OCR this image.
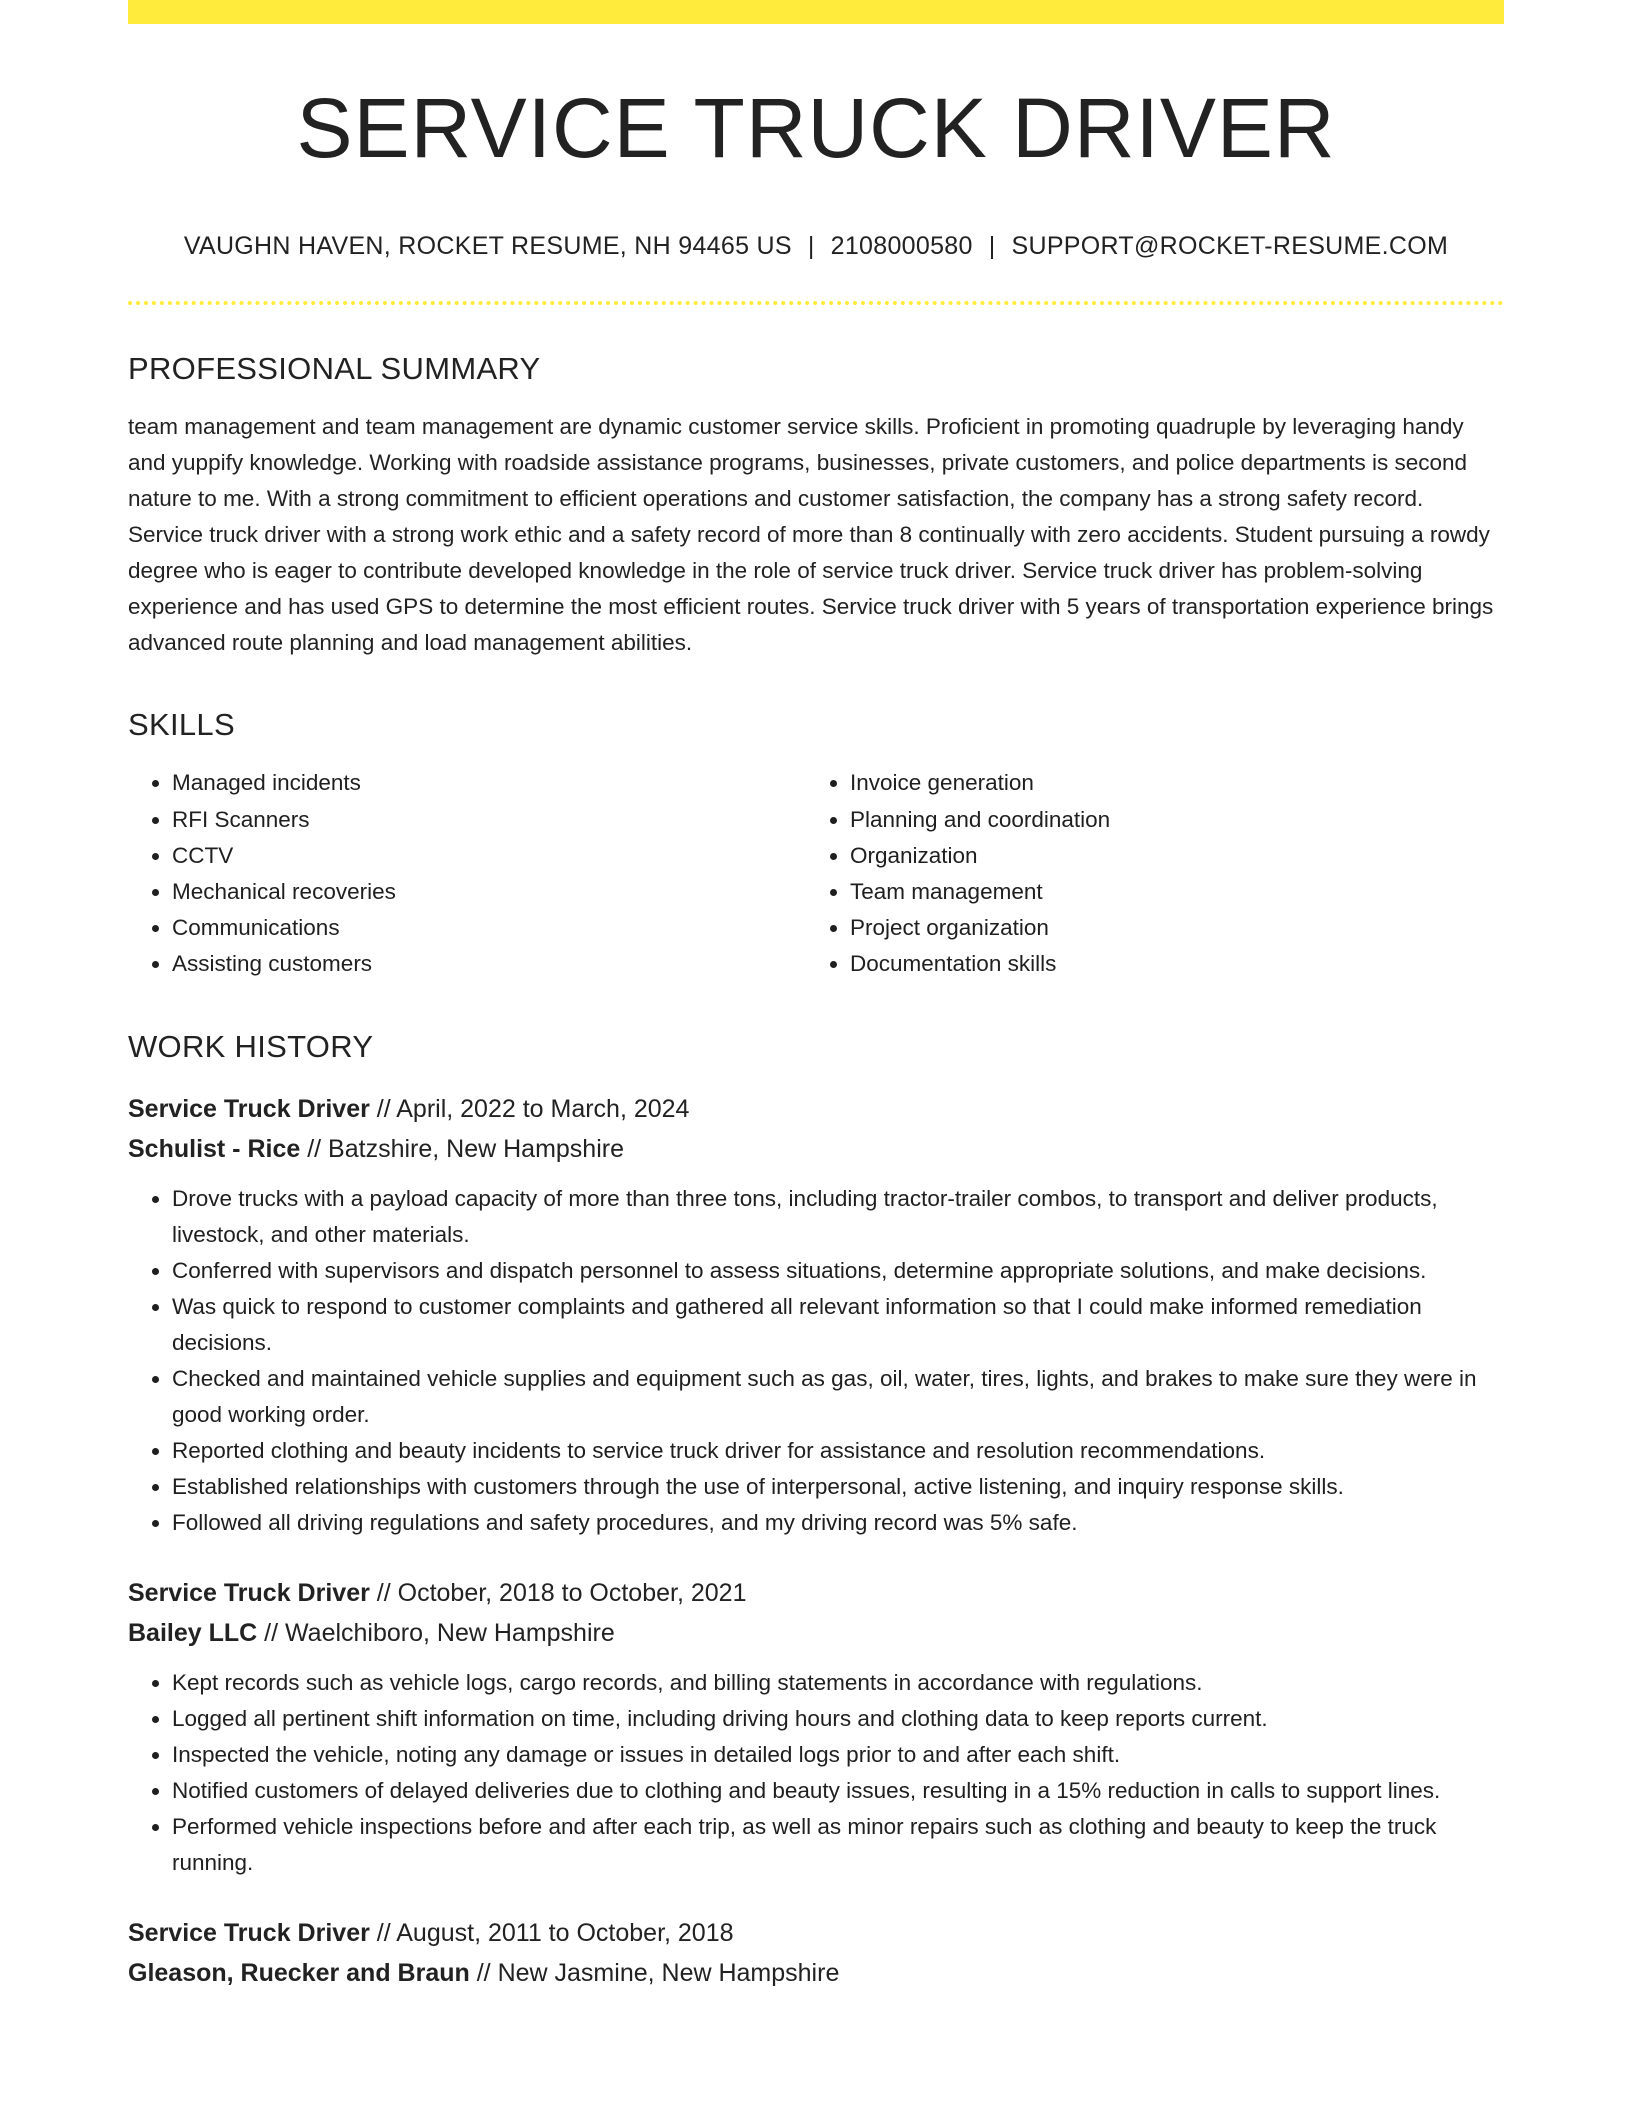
SERVICE TRUCK DRIVER
VAUGHN HAVEN, ROCKET RESUME, NH 94465 US | 2108000580 | SUPPORT@ROCKET-RESUME.COM
PROFESSIONAL SUMMARY

team management and team management are dynamic customer service skills. Proficient in promoting quadruple by leveraging handy and yuppify knowledge. Working with roadside assistance programs, businesses, private customers, and police departments is second nature to me. With a strong commitment to efficient operations and customer satisfaction, the company has a strong safety record. Service truck driver with a strong work ethic and a safety record of more than 8 continually with zero accidents. Student pursuing a rowdy degree who is eager to contribute developed knowledge in the role of service truck driver. Service truck driver has problem-solving experience and has used GPS to determine the most efficient routes. Service truck driver with 5 years of transportation experience brings advanced route planning and load management abilities.

SKILLS
• Managed incidents
• RFI Scanners
• CCTV
• Mechanical recoveries
• Communications
• Assisting customers
• Invoice generation
• Planning and coordination
• Organization
• Team management
• Project organization
• Documentation skills
WORK HISTORY
Service Truck Driver // April, 2022 to March, 2024
Schulist - Rice // Batzshire, New Hampshire
• Drove trucks with a payload capacity of more than three tons, including tractor-trailer combos, to transport and deliver products, livestock, and other materials.
• Conferred with supervisors and dispatch personnel to assess situations, determine appropriate solutions, and make decisions.
• Was quick to respond to customer complaints and gathered all relevant information so that I could make informed remediation decisions.
• Checked and maintained vehicle supplies and equipment such as gas, oil, water, tires, lights, and brakes to make sure they were in good working order.
• Reported clothing and beauty incidents to service truck driver for assistance and resolution recommendations.
• Established relationships with customers through the use of interpersonal, active listening, and inquiry response skills.
• Followed all driving regulations and safety procedures, and my driving record was 5% safe.
Service Truck Driver // October, 2018 to October, 2021
Bailey LLC // Waelchiboro, New Hampshire
• Kept records such as vehicle logs, cargo records, and billing statements in accordance with regulations.
• Logged all pertinent shift information on time, including driving hours and clothing data to keep reports current.
• Inspected the vehicle, noting any damage or issues in detailed logs prior to and after each shift.
• Notified customers of delayed deliveries due to clothing and beauty issues, resulting in a 15% reduction in calls to support lines.
• Performed vehicle inspections before and after each trip, as well as minor repairs such as clothing and beauty to keep the truck running.
Service Truck Driver // August, 2011 to October, 2018
Gleason, Ruecker and Braun // New Jasmine, New Hampshire
